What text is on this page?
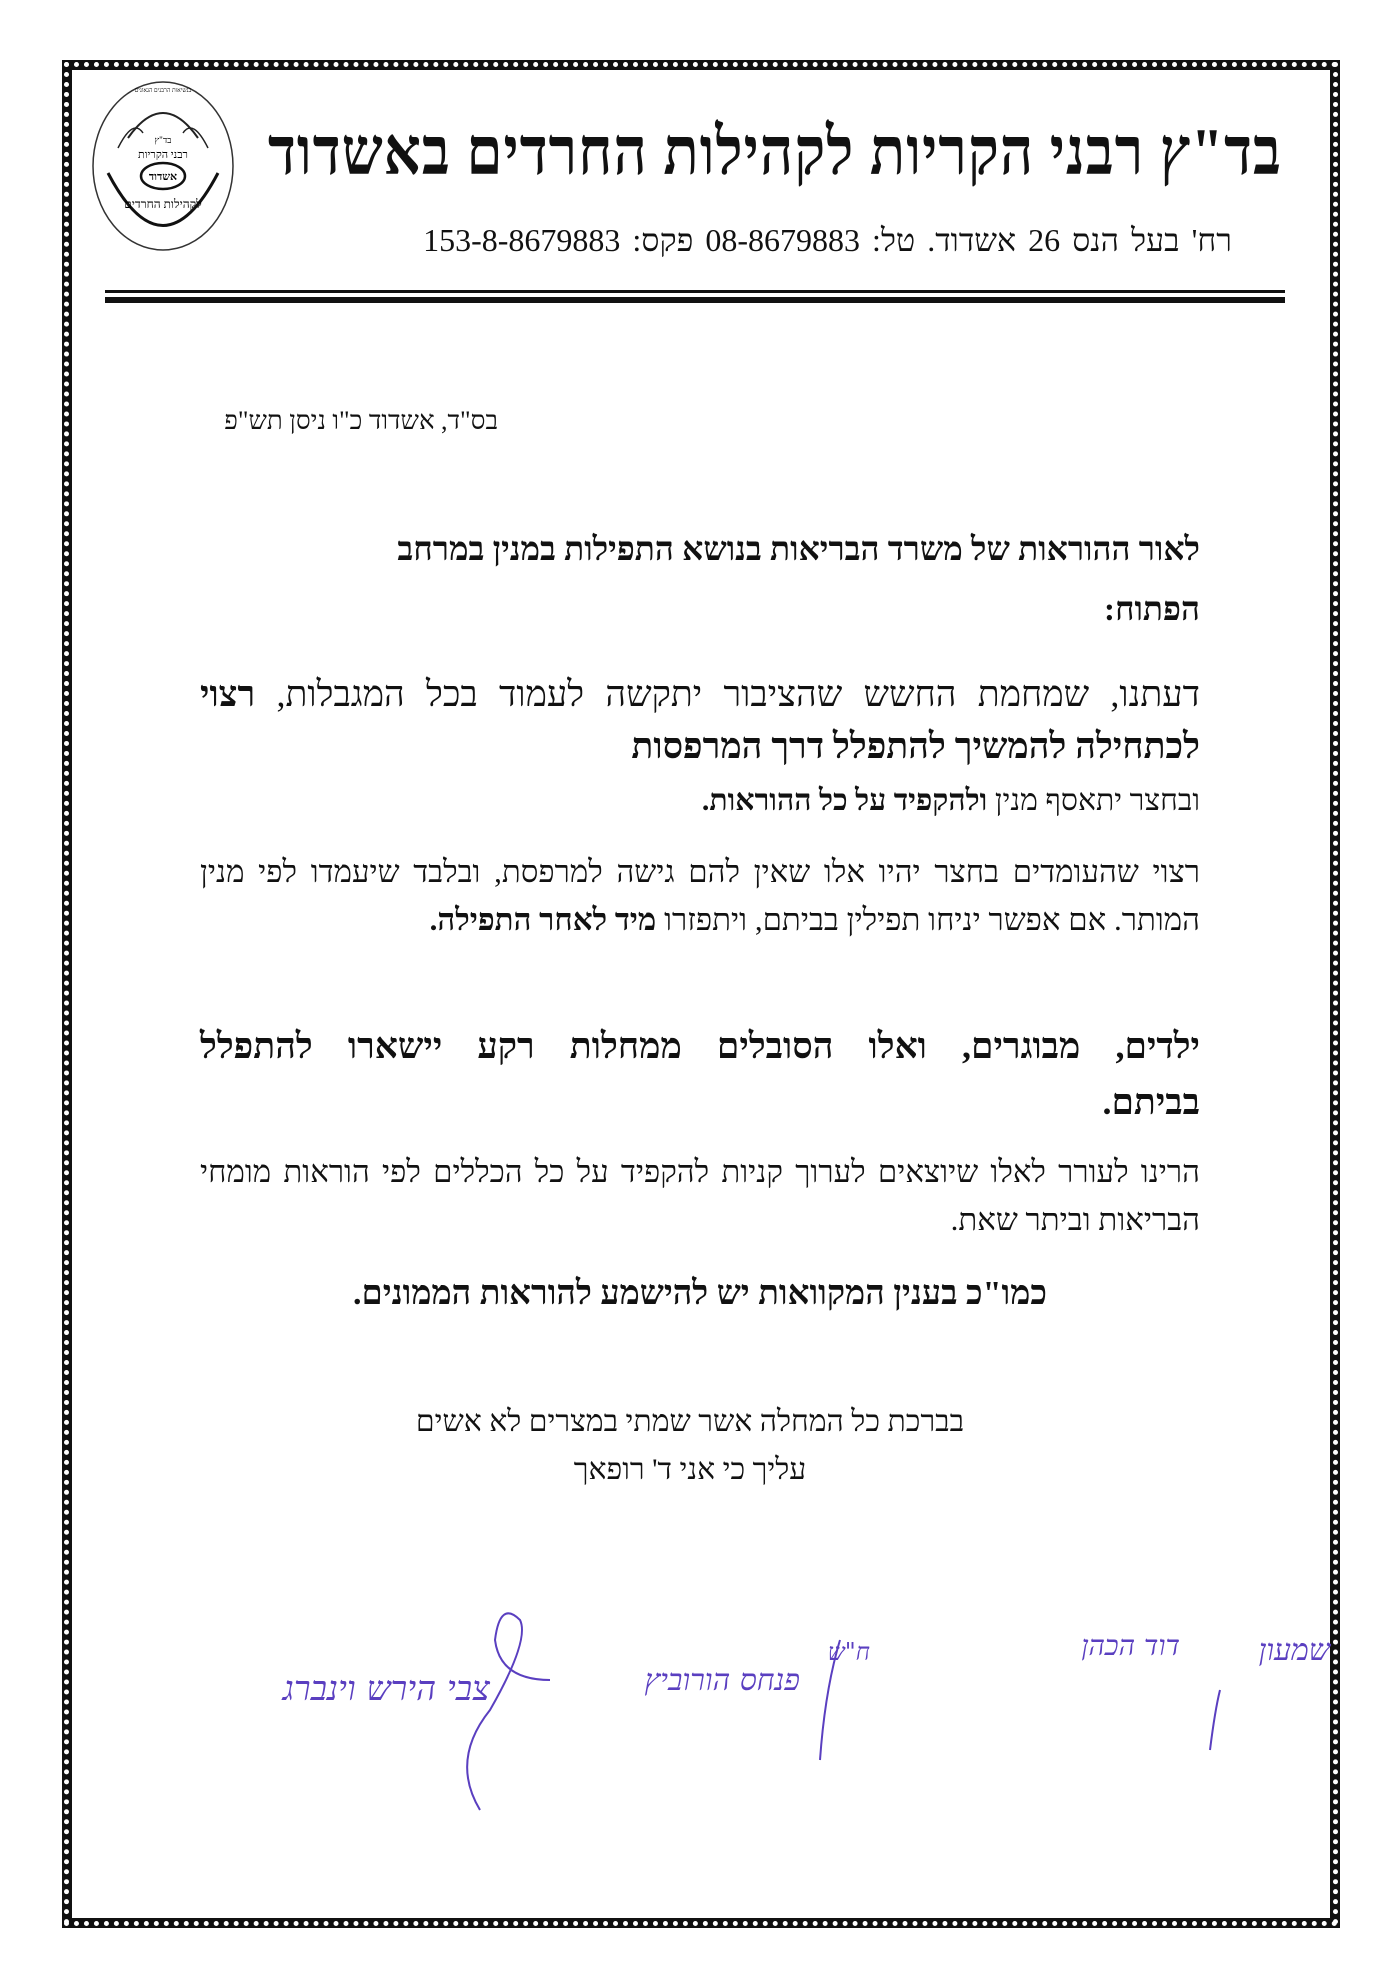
אשדוד
בד"ץ
רבני הקריות
לקהילות החרדים
בנשיאות הרבנים הגאונים
בד"ץ רבני הקריות לקהילות החרדים באשדוד
רח' בעל הנס 26 אשדוד. טל: 08-8679883 פקס: 153-8-8679883
בס"ד, אשדוד כ"ו ניסן תש"פ
לאור ההוראות של משרד הבריאות בנושא התפילות במנין במרחב
הפתוח:
דעתנו, שמחמת החשש שהציבור יתקשה לעמוד בכל המגבלות, רצוי לכתחילה להמשיך להתפלל דרך המרפסות
ובחצר יתאסף מנין ולהקפיד על כל ההוראות.
רצוי שהעומדים בחצר יהיו אלו שאין להם גישה למרפסת, ובלבד שיעמדו לפי מנין המותר. אם אפשר יניחו תפילין בביתם, ויתפזרו מיד לאחר התפילה.
ילדים, מבוגרים, ואלו הסובלים ממחלות רקע יישארו להתפלל בביתם.
הרינו לעורר לאלו שיוצאים לערוך קניות להקפיד על כל הכללים לפי הוראות מומחי הבריאות וביתר שאת.
כמו"כ בענין המקוואות יש להישמע להוראות הממונים.
בברכת כל המחלה אשר שמתי במצרים לא אשים
עליך כי אני ד' רופאך
שמעון
דוד הכהן
ח"ש
פנחס הורוביץ
צבי הירש וינברג
